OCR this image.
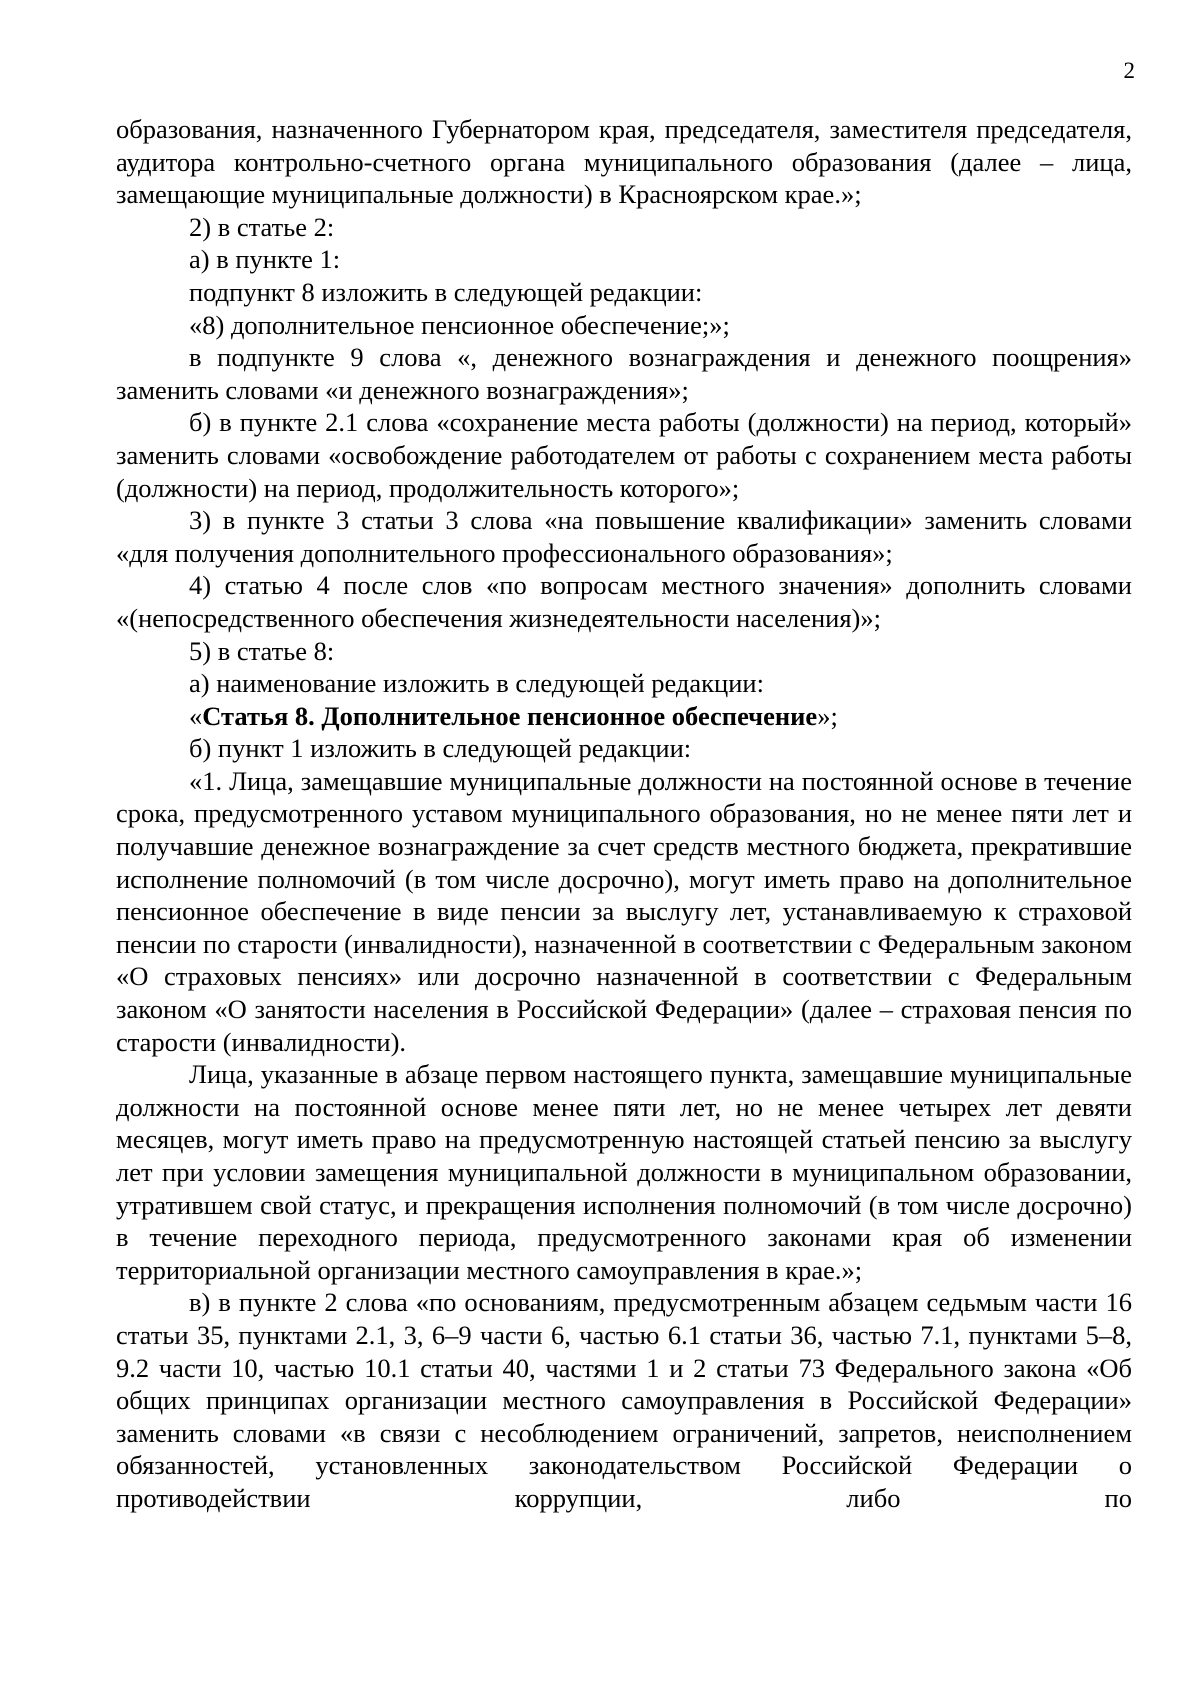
2

образования, назначенного Губернатором края, председателя, заместителя председателя, аудитора контрольно-счетного органа муниципального образования (далее – лица, замещающие муниципальные должности) в Красноярском крае.»;

2) в статье 2:

а) в пункте 1:

подпункт 8 изложить в следующей редакции:

«8) дополнительное пенсионное обеспечение;»;

в подпункте 9 слова «, денежного вознаграждения и денежного поощрения» заменить словами «и денежного вознаграждения»;

б) в пункте 2.1 слова «сохранение места работы (должности) на период, который» заменить словами «освобождение работодателем от работы с сохранением места работы (должности) на период, продолжительность которого»;

3) в пункте 3 статьи 3 слова «на повышение квалификации» заменить словами «для получения дополнительного профессионального образования»;

4) статью 4 после слов «по вопросам местного значения» дополнить словами «(непосредственного обеспечения жизнедеятельности населения)»;

5) в статье 8:

а) наименование изложить в следующей редакции:

«Статья 8. Дополнительное пенсионное обеспечение»;

б) пункт 1 изложить в следующей редакции:

«1. Лица, замещавшие муниципальные должности на постоянной основе в течение срока, предусмотренного уставом муниципального образования, но не менее пяти лет и получавшие денежное вознаграждение за счет средств местного бюджета, прекратившие исполнение полномочий (в том числе досрочно), могут иметь право на дополнительное пенсионное обеспечение в виде пенсии за выслугу лет, устанавливаемую к страховой пенсии по старости (инвалидности), назначенной в соответствии с Федеральным законом «О страховых пенсиях» или досрочно назначенной в соответствии с Федеральным законом «О занятости населения в Российской Федерации» (далее – страховая пенсия по старости (инвалидности).

Лица, указанные в абзаце первом настоящего пункта, замещавшие муниципальные должности на постоянной основе менее пяти лет, но не менее четырех лет девяти месяцев, могут иметь право на предусмотренную настоящей статьей пенсию за выслугу лет при условии замещения муниципальной должности в муниципальном образовании, утратившем свой статус, и прекращения исполнения полномочий (в том числе досрочно) в течение переходного периода, предусмотренного законами края об изменении территориальной организации местного самоуправления в крае.»;

в) в пункте 2 слова «по основаниям, предусмотренным абзацем седьмым части 16 статьи 35, пунктами 2.1, 3, 6–9 части 6, частью 6.1 статьи 36, частью 7.1, пунктами 5–8, 9.2 части 10, частью 10.1 статьи 40, частями 1 и 2 статьи 73 Федерального закона «Об общих принципах организации местного самоуправления в Российской Федерации» заменить словами «в связи с несоблюдением ограничений, запретов, неисполнением обязанностей, установленных законодательством Российской Федерации о противодействии коррупции, либо по
